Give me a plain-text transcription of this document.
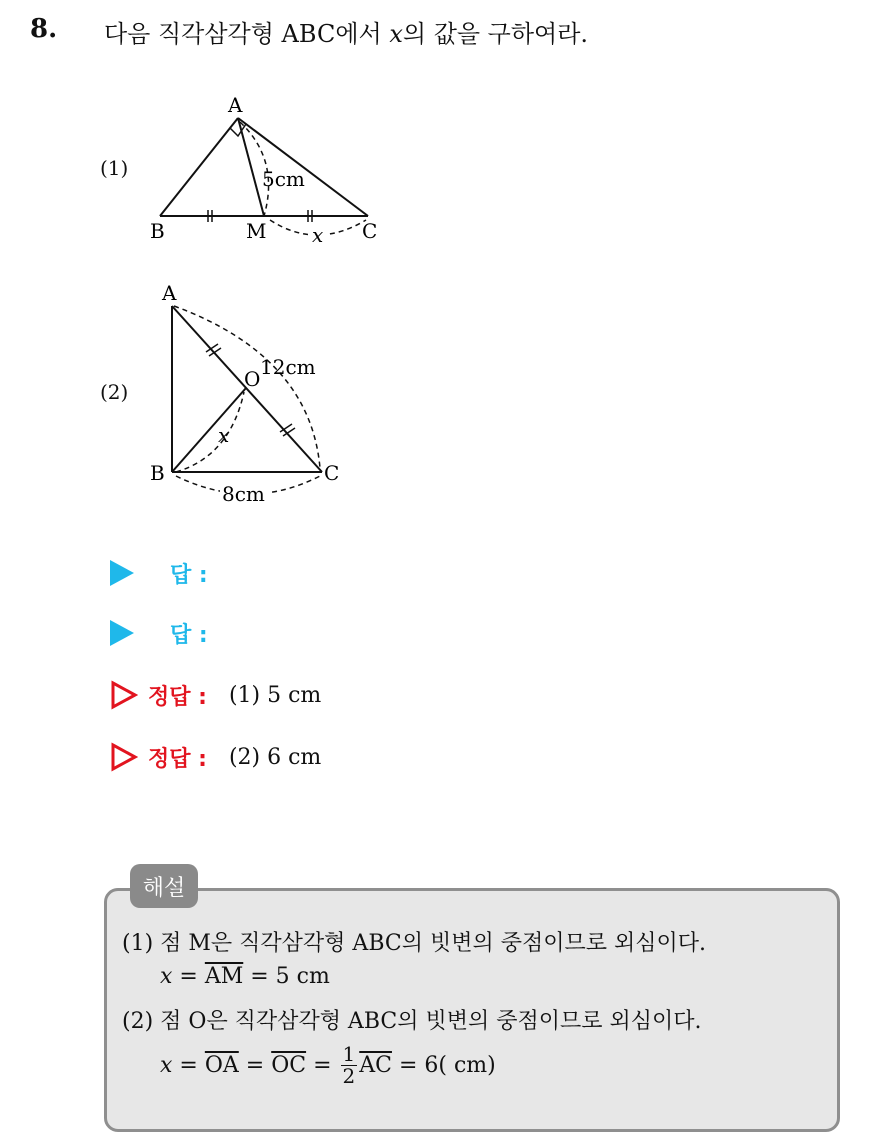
8. 다음 직각삼각형 ABC에서 x의 값을 구하여라.
(1)
A
B	M	C
5cm
x
(2)
A
B	C
O 12cm
8cm
x
답 :
답 :
정답 : (1) 5 cm
정답 : (2) 6 cm
해설
(1) 점 M은 직각삼각형 ABC의 빗변의 중점이므로 외심이다.
$x = \overline{AM} = 5$ cm
(2) 점 O은 직각삼각형 ABC의 빗변의 중점이므로 외심이다.
$x = \overline{OA} = \overline{OC} = \frac{1}{2} \overline{AC} = 6$( cm)
